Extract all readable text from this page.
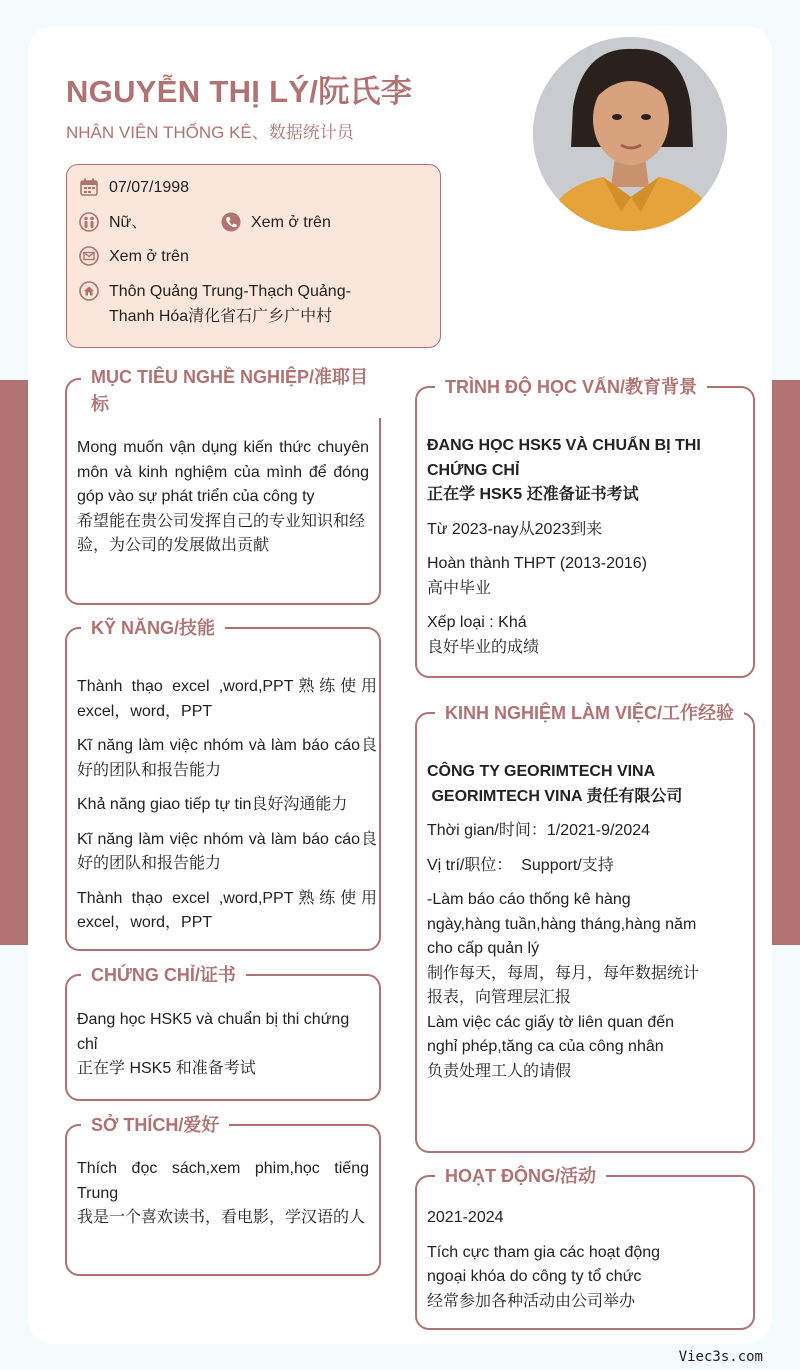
NGUYỄN THỊ LÝ/阮氏李
NHÂN VIÊN THỐNG KÊ、数据统计员
07/07/1998
Nữ、	Xem ở trên
Xem ở trên
Thôn Quảng Trung-Thạch Quảng-
Thanh Hóa清化省石广乡广中村
MỤC TIÊU NGHỀ NGHIỆP/准耶目
标
Mong muốn vận dụng kiến thức chuyên môn và kinh nghiệm của mình để đóng góp vào sự phát triển của công ty
希望能在贵公司发挥自己的专业知识和经验，为公司的发展做出贡献
KỸ NĂNG/技能
Thành thạo excel ,word,PPT熟练使用excel，word，PPT
Kĩ năng làm việc nhóm và làm báo cáo良好的团队和报告能力
Khả năng giao tiếp tự tin良好沟通能力
Kĩ năng làm việc nhóm và làm báo cáo良好的团队和报告能力
Thành thạo excel ,word,PPT熟练使用excel，word，PPT
CHỨNG CHỈ/证书
Đang học HSK5 và chuẩn bị thi chứng chỉ
正在学 HSK5 和准备考试
SỞ THÍCH/爱好
Thích đọc sách,xem phim,học tiếng Trung
我是一个喜欢读书，看电影，学汉语的人
TRÌNH ĐỘ HỌC VẤN/教育背景
ĐANG HỌC HSK5 VÀ CHUẨN BỊ THI CHỨNG CHỈ
正在学 HSK5 还准备证书考试
Từ 2023-nay从2023到来
Hoàn thành THPT (2013-2016)
高中毕业
Xếp loại : Khá
良好毕业的成绩
KINH NGHIỆM LÀM VIỆC/工作经验
CÔNG TY GEORIMTECH VINA
GEORIMTECH VINA 责任有限公司
Thời gian/时间：1/2021-9/2024
Vị trí/职位：  Support/支持
-Làm báo cáo thống kê hàng
ngày,hàng tuần,hàng tháng,hàng năm
cho cấp quản lý
制作每天，每周，每月，每年数据统计
报表，向管理层汇报
Làm việc các giấy tờ liên quan đến
nghỉ phép,tăng ca của công nhân
负责处理工人的请假
HOẠT ĐỘNG/活动
2021-2024
Tích cực tham gia các hoạt động
ngoại khóa do công ty tổ chức
经常参加各种活动由公司举办
Viec3s.com
